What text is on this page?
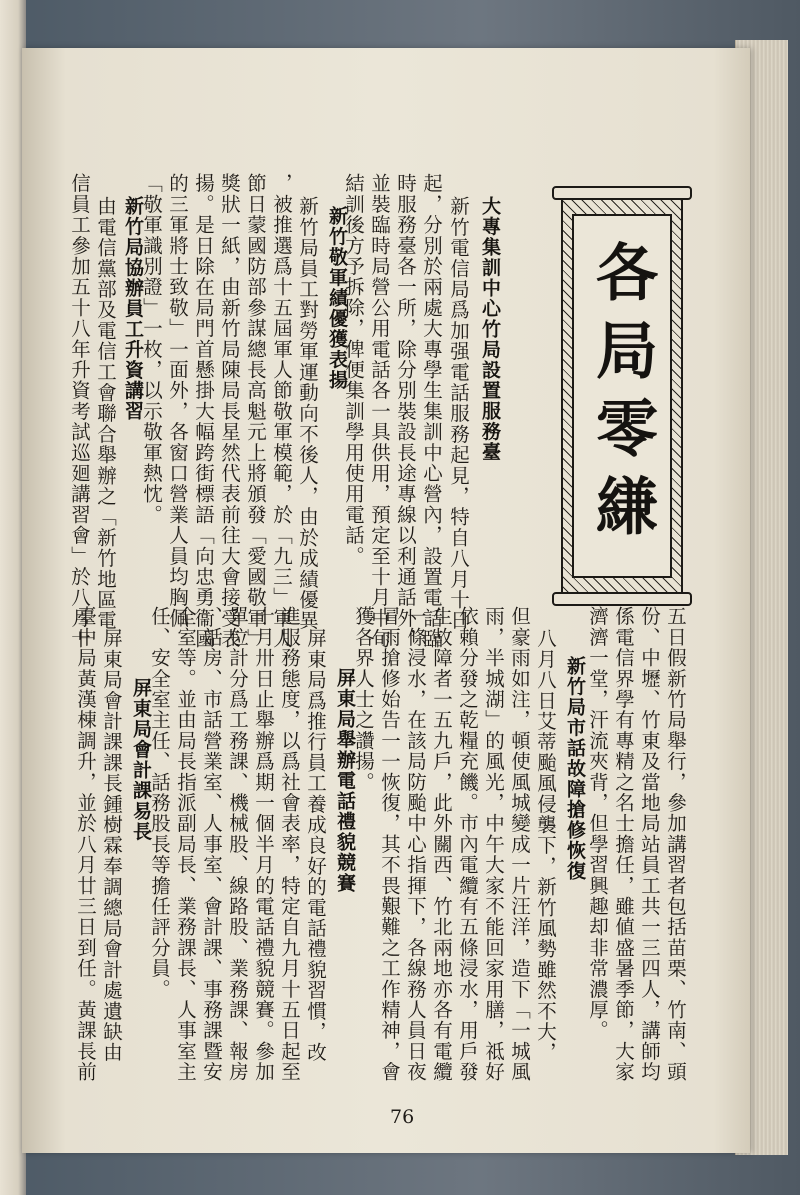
各局零縑
大專集訓中心竹局設置服務臺
新竹電信局爲加强電話服務起見，特自八月十日
起，分別於兩處大專學生集訓中心營內，設置電話臨
時服務臺各一所，除分別裝設長途專線以利通話外，
並裝臨時局營公用電話各一具供用，預定至十月中旬
結訓後方予拆除，俾便集訓學用使用電話。
新竹敬軍績優獲表揚
新竹局員工對勞軍運動向不後人，由於成績優異
，被推選爲十五屆軍人節敬軍模範，於「九三」軍人
節日蒙國防部參謀總長高魁元上將頒發「愛國敬軍」
獎狀一紙，由新竹局陳局長星然代表前往大會接受表
揚。是日除在局門首懸掛大幅跨街標語「向忠勇衞國
的三軍將士致敬」一面外，各窗口營業人員均胸佩
「敬軍識別證」一枚，以示敬軍熱忱。
新竹局協辦員工升資講習
由電信黨部及電信工會聯合舉辦之「新竹地區電
信員工參加五十八年升資考試巡廻講習會」於八月十
五日假新竹局舉行，參加講習者包括苗栗、竹南、頭
份、中壢、竹東及當地局站員工共一三四人，講師均
係電信界學有專精之名士擔任，雖値盛暑季節，大家
濟濟一堂，汗流夾背，但學習興趣却非常濃厚。
新竹局市話故障搶修恢復
八月八日艾蒂颱風侵襲下，新竹風勢雖然不大，
但豪雨如注，頓使風城變成一片汪洋，造下「一城風
雨，半城湖」的風光，中午大家不能回家用膳，祗好
依賴分發之乾糧充饑。市內電纜有五條浸水，用戶發
生故障者一五九戶，此外關西、竹北兩地亦各有電纜
一條浸水，在該局防颱中心指揮下，各線務人員日夜
冒雨搶修始告一一恢復，其不畏艱難之工作精神，會
獲各界人士之讚揚。
屏東局舉辦電話禮貌競賽
屏東局爲推行員工養成良好的電話禮貌習慣，改
進服務態度，以爲社會表率，特定自九月十五日起至
十月卅日止舉辦爲期一個半月的電話禮貌競賽。參加
單位計分爲工務課、機械股、線路股、業務課、報房
、話房、市話營業室、人事室、會計課、事務課暨安
全室等。並由局長指派副局長、業務課長、人事室主
任、安全室主任、話務股長等擔任評分員。
屏東局會計課易長
屏東局會計課課長鍾樹霖奉調總局會計處遺缺由
臺中局黃漢棟調升，並於八月廿三日到任。黃課長前
76
